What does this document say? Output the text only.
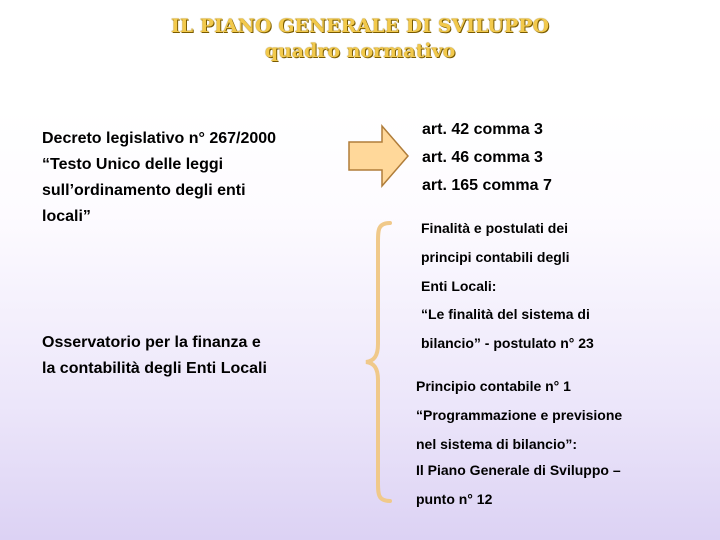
IL PIANO GENERALE DI SVILUPPO
quadro normativo
Decreto legislativo n° 267/2000
“Testo Unico delle leggi
sull’ordinamento degli enti
locali”
art. 42 comma 3
art. 46 comma 3
art. 165 comma 7
Osservatorio per la finanza e
la contabilità degli Enti Locali
Finalità e postulati dei
principi contabili degli
Enti Locali:
“Le finalità del sistema di
bilancio” - postulato n° 23
Principio contabile n° 1
“Programmazione e previsione
nel sistema di bilancio”:
Il Piano Generale di Sviluppo –
punto n° 12
